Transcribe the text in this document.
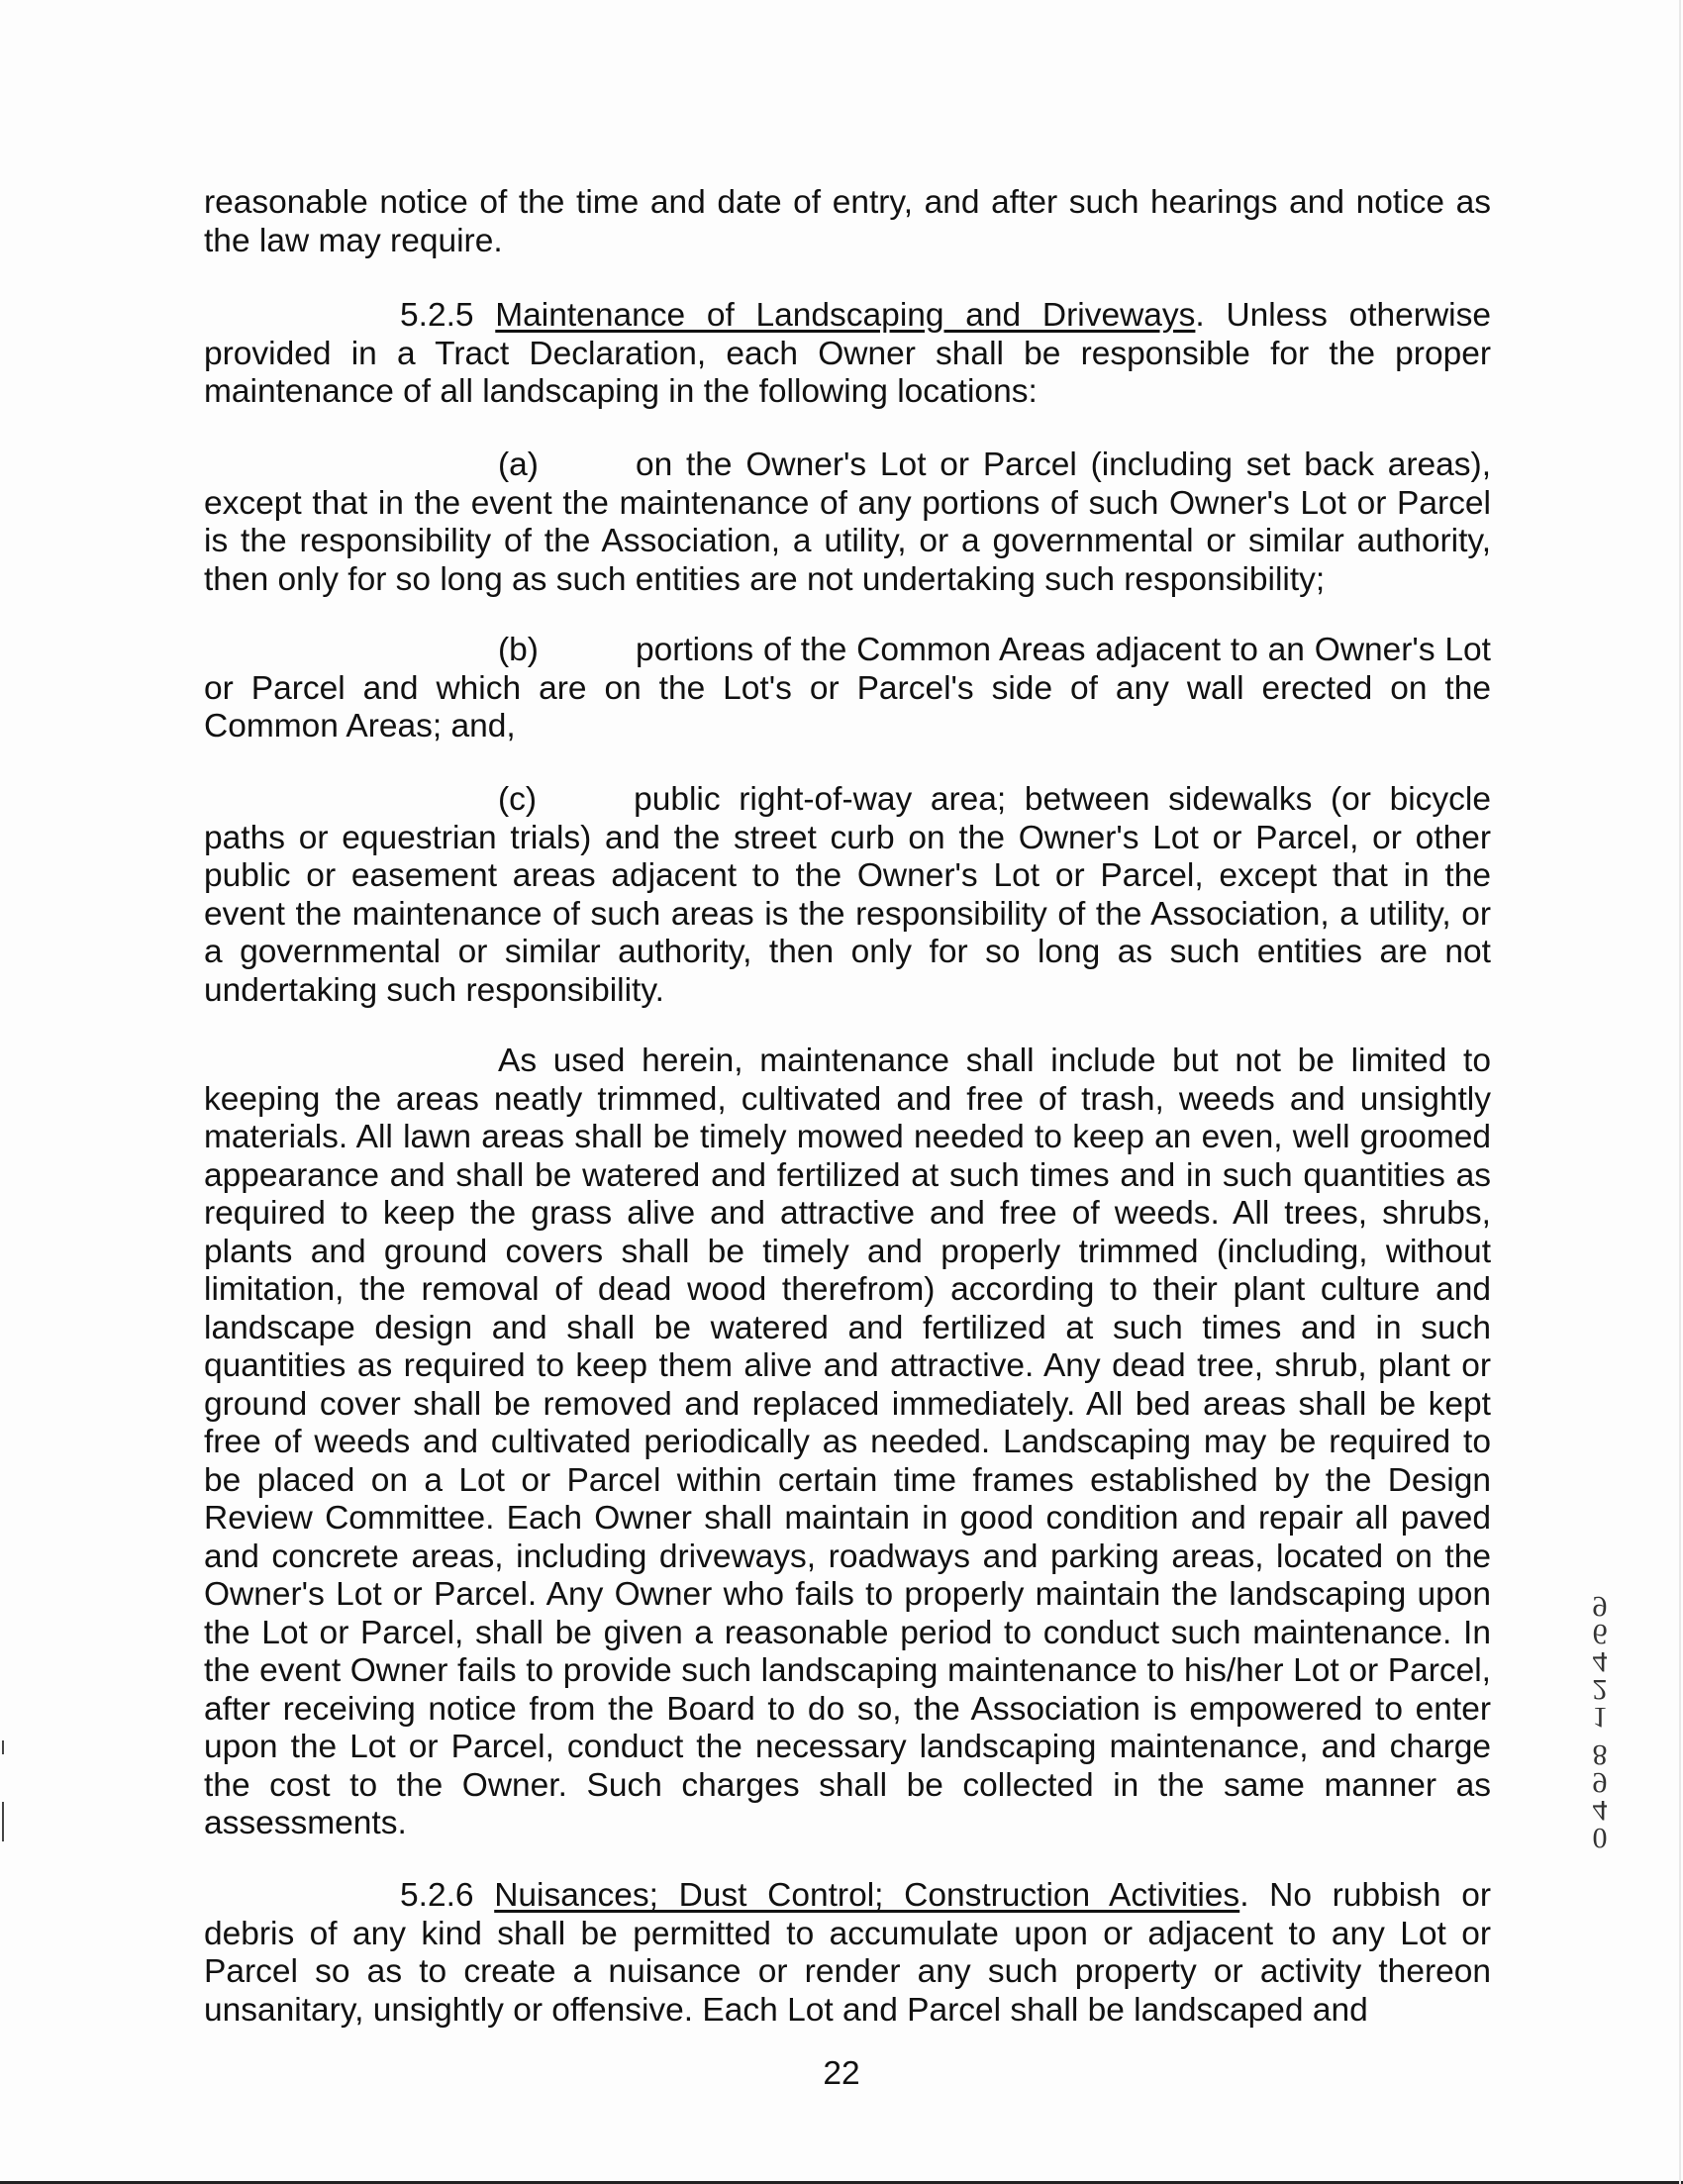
reasonable notice of the time and date of entry, and after such hearings and notice as the law may require.

5.2.5 Maintenance of Landscaping and Driveways. Unless otherwise provided in a Tract Declaration, each Owner shall be responsible for the proper maintenance of all landscaping in the following locations:

(a)	on the Owner's Lot or Parcel (including set back areas), except that in the event the maintenance of any portions of such Owner's Lot or Parcel is the responsibility of the Association, a utility, or a governmental or similar authority, then only for so long as such entities are not undertaking such responsibility;

(b)	portions of the Common Areas adjacent to an Owner's Lot or Parcel and which are on the Lot's or Parcel's side of any wall erected on the Common Areas; and,

(c)	public right-of-way area; between sidewalks (or bicycle paths or equestrian trials) and the street curb on the Owner's Lot or Parcel, or other public or easement areas adjacent to the Owner's Lot or Parcel, except that in the event the maintenance of such areas is the responsibility of the Association, a utility, or a governmental or similar authority, then only for so long as such entities are not undertaking such responsibility.

As used herein, maintenance shall include but not be limited to keeping the areas neatly trimmed, cultivated and free of trash, weeds and unsightly materials. All lawn areas shall be timely mowed needed to keep an even, well groomed appearance and shall be watered and fertilized at such times and in such quantities as required to keep the grass alive and attractive and free of weeds. All trees, shrubs, plants and ground covers shall be timely and properly trimmed (including, without limitation, the removal of dead wood therefrom) according to their plant culture and landscape design and shall be watered and fertilized at such times and in such quantities as required to keep them alive and attractive. Any dead tree, shrub, plant or ground cover shall be removed and replaced immediately. All bed areas shall be kept free of weeds and cultivated periodically as needed. Landscaping may be required to be placed on a Lot or Parcel within certain time frames established by the Design Review Committee. Each Owner shall maintain in good condition and repair all paved and concrete areas, including driveways, roadways and parking areas, located on the Owner's Lot or Parcel. Any Owner who fails to properly maintain the landscaping upon the Lot or Parcel, shall be given a reasonable period to conduct such maintenance. In the event Owner fails to provide such landscaping maintenance to his/her Lot or Parcel, after receiving notice from the Board to do so, the Association is empowered to enter upon the Lot or Parcel, conduct the necessary landscaping maintenance, and charge the cost to the Owner. Such charges shall be collected in the same manner as assessments.

5.2.6 Nuisances; Dust Control; Construction Activities. No rubbish or debris of any kind shall be permitted to accumulate upon or adjacent to any Lot or Parcel so as to create a nuisance or render any such property or activity thereon unsanitary, unsightly or offensive. Each Lot and Parcel shall be landscaped and

22
1
2
4
6
9
0
4
9
8
